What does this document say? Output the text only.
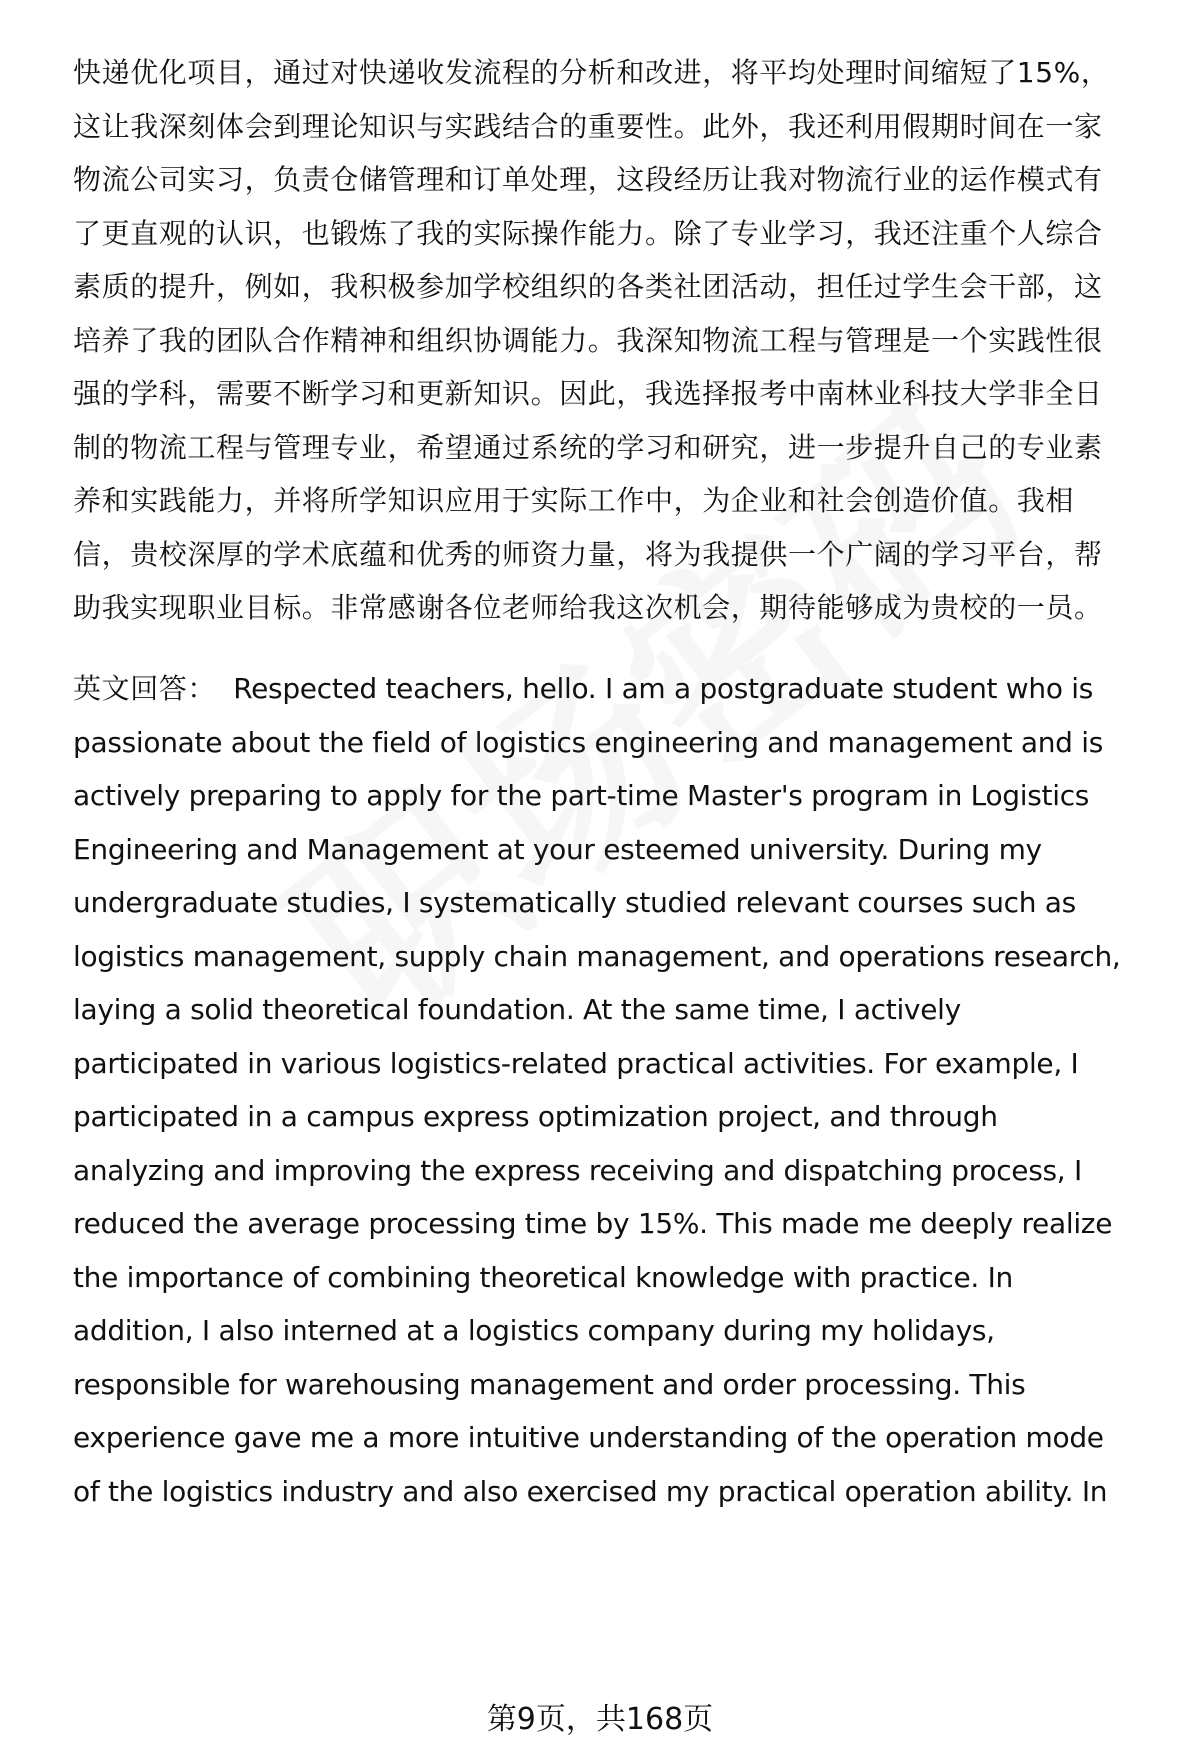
快递优化项目，通过对快递收发流程的分析和改进，将平均处理时间缩短了15%，
这让我深刻体会到理论知识与实践结合的重要性。此外，我还利用假期时间在一家
物流公司实习，负责仓储管理和订单处理，这段经历让我对物流行业的运作模式有
了更直观的认识，也锻炼了我的实际操作能力。除了专业学习，我还注重个人综合
素质的提升，例如，我积极参加学校组织的各类社团活动，担任过学生会干部，这
培养了我的团队合作精神和组织协调能力。我深知物流工程与管理是一个实践性很
强的学科，需要不断学习和更新知识。因此，我选择报考中南林业科技大学非全日
制的物流工程与管理专业，希望通过系统的学习和研究，进一步提升自己的专业素
养和实践能力，并将所学知识应用于实际工作中，为企业和社会创造价值。我相
信，贵校深厚的学术底蕴和优秀的师资力量，将为我提供一个广阔的学习平台，帮
助我实现职业目标。非常感谢各位老师给我这次机会，期待能够成为贵校的一员。
英文回答： Respected teachers, hello. I am a postgraduate student who is
passionate about the field of logistics engineering and management and is
actively preparing to apply for the part-time Master's program in Logistics
Engineering and Management at your esteemed university. During my
undergraduate studies, I systematically studied relevant courses such as
logistics management, supply chain management, and operations research,
laying a solid theoretical foundation. At the same time, I actively
participated in various logistics-related practical activities. For example, I
participated in a campus express optimization project, and through
analyzing and improving the express receiving and dispatching process, I
reduced the average processing time by 15%. This made me deeply realize
the importance of combining theoretical knowledge with practice. In
addition, I also interned at a logistics company during my holidays,
responsible for warehousing management and order processing. This
experience gave me a more intuitive understanding of the operation mode
of the logistics industry and also exercised my practical operation ability. In
第9页，共168页
